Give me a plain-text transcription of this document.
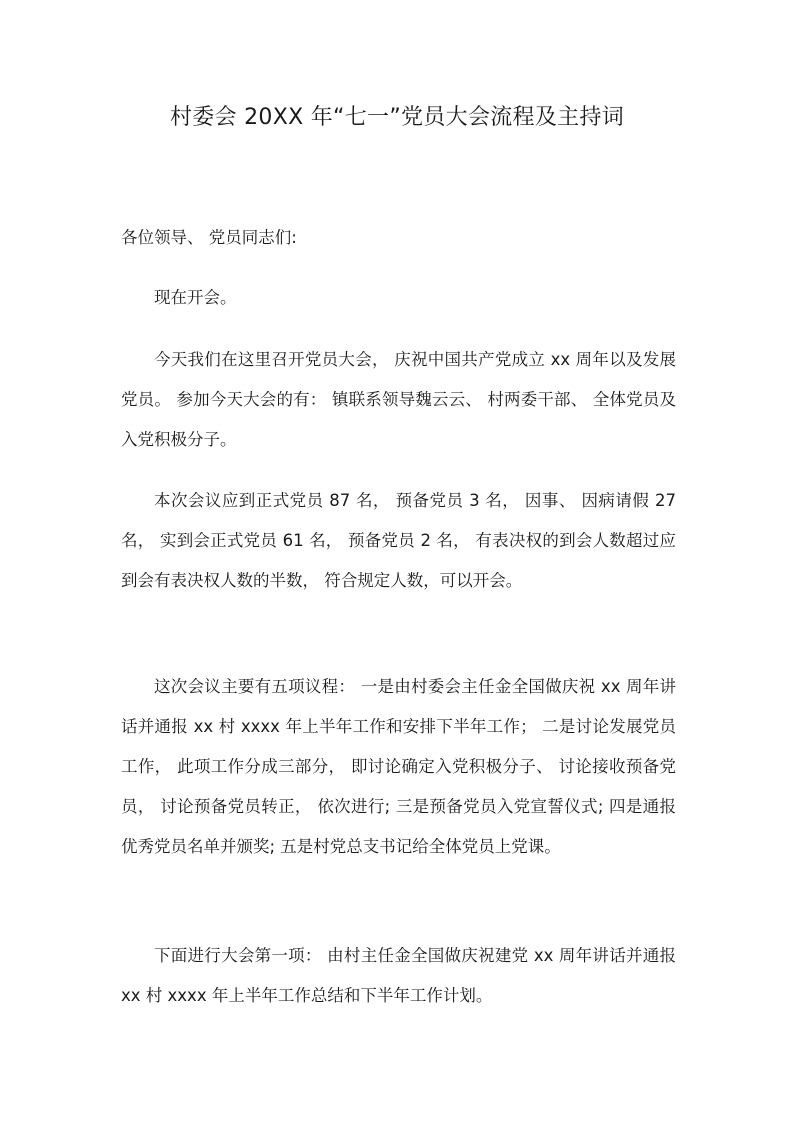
村委会 20XX 年“七一”党员大会流程及主持词

各位领导、 党员同志们:

现在开会。

今天我们在这里召开党员大会， 庆祝中国共产党成立 xx 周年以及发展党员。 参加今天大会的有： 镇联系领导魏云云、 村两委干部、 全体党员及入党积极分子。

本次会议应到正式党员 87 名， 预备党员 3 名， 因事、 因病请假 27名， 实到会正式党员 61 名， 预备党员 2 名， 有表决权的到会人数超过应到会有表决权人数的半数， 符合规定人数，可以开会。

这次会议主要有五项议程： 一是由村委会主任金全国做庆祝 xx 周年讲话并通报 xx 村 xxxx 年上半年工作和安排下半年工作； 二是讨论发展党员工作， 此项工作分成三部分， 即讨论确定入党积极分子、 讨论接收预备党员， 讨论预备党员转正， 依次进行; 三是预备党员入党宣誓仪式; 四是通报优秀党员名单并颁奖; 五是村党总支书记给全体党员上党课。

下面进行大会第一项： 由村主任金全国做庆祝建党 xx 周年讲话并通报 xx 村 xxxx 年上半年工作总结和下半年工作计划。
